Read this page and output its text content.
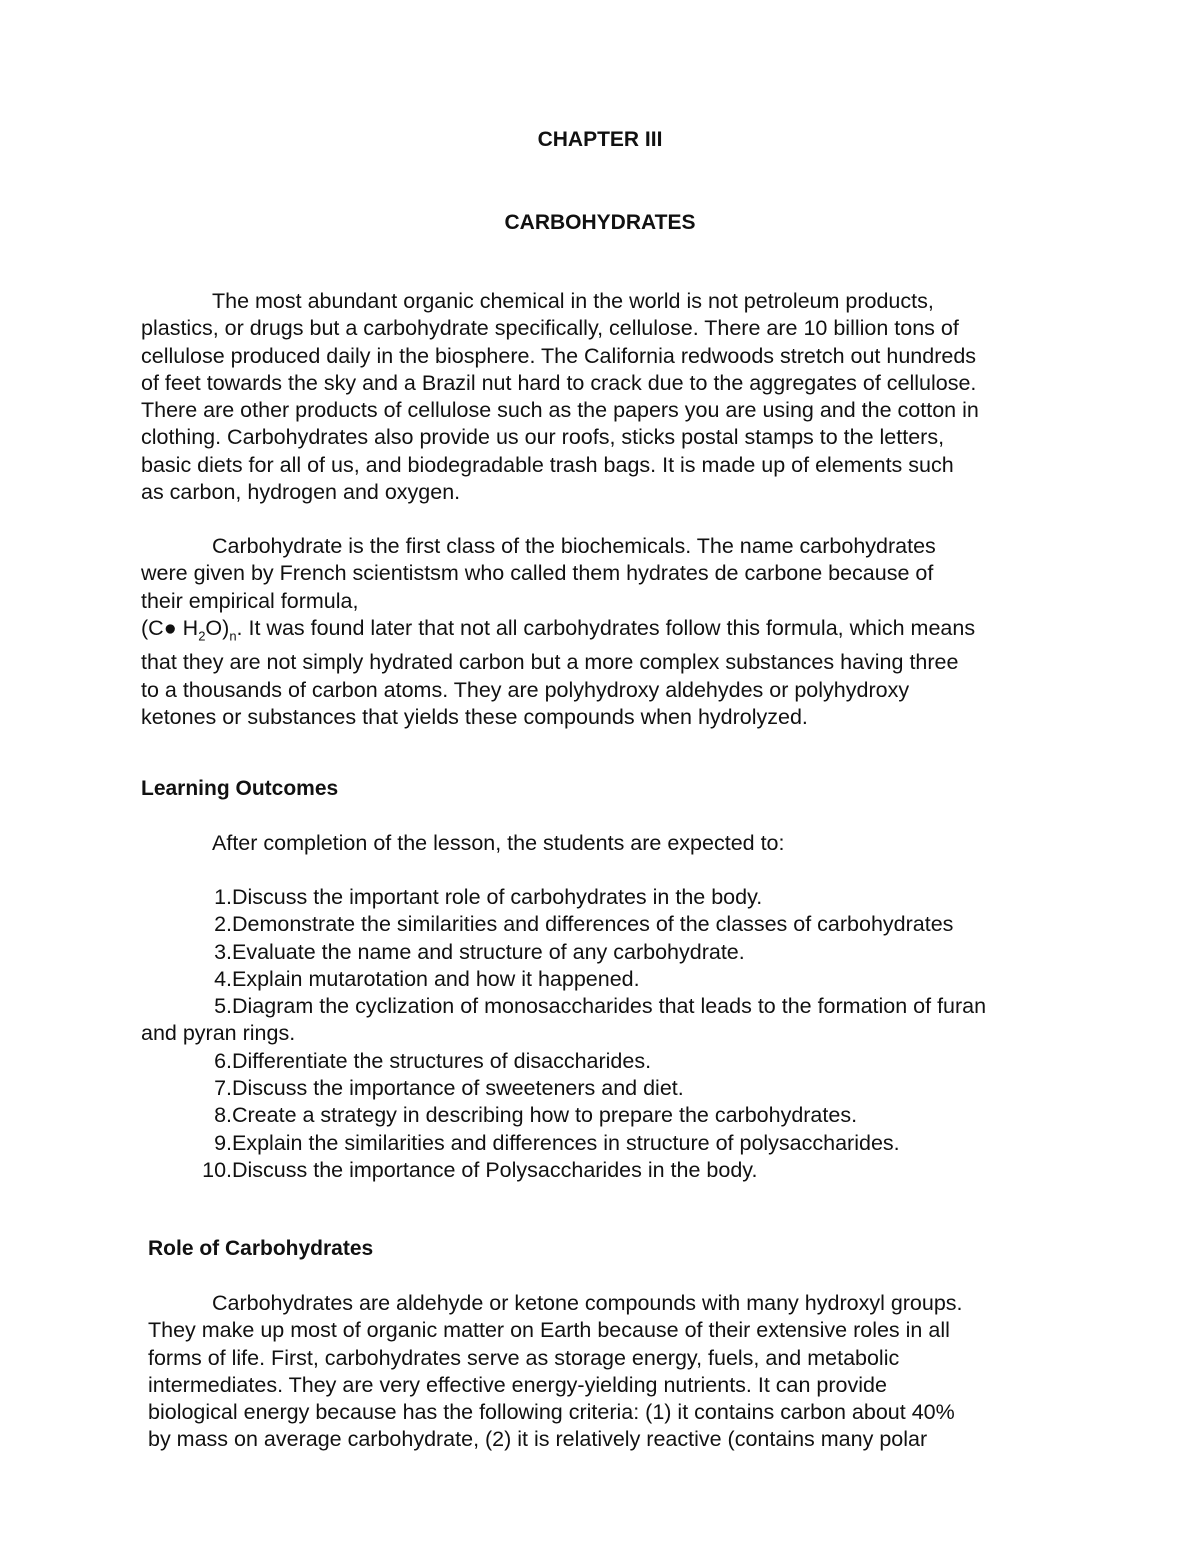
CHAPTER III
CARBOHYDRATES

The most abundant organic chemical in the world is not petroleum products,
plastics, or drugs but a carbohydrate specifically, cellulose. There are 10 billion tons of
cellulose produced daily in the biosphere. The California redwoods stretch out hundreds
of feet towards the sky and a Brazil nut hard to crack due to the aggregates of cellulose.
There are other products of cellulose such as the papers you are using and the cotton in
clothing. Carbohydrates also provide us our roofs, sticks postal stamps to the letters,
basic diets for all of us, and biodegradable trash bags. It is made up of elements such
as carbon, hydrogen and oxygen.

Carbohydrate is the first class of the biochemicals. The name carbohydrates
were given by French scientistsm who called them hydrates de carbone because of
their empirical formula,
(C● $H_2O)_n$. It was found later that not all carbohydrates follow this formula, which means
that they are not simply hydrated carbon but a more complex substances having three
to a thousands of carbon atoms. They are polyhydroxy aldehydes or polyhydroxy
ketones or substances that yields these compounds when hydrolyzed.

Learning Outcomes

After completion of the lesson, the students are expected to:

1.Discuss the important role of carbohydrates in the body.
2.Demonstrate the similarities and differences of the classes of carbohydrates
3.Evaluate the name and structure of any carbohydrate.
4.Explain mutarotation and how it happened.
5.Diagram the cyclization of monosaccharides that leads to the formation of furan
and pyran rings.
6.Differentiate the structures of disaccharides.
7.Discuss the importance of sweeteners and diet.
8.Create a strategy in describing how to prepare the carbohydrates.
9.Explain the similarities and differences in structure of polysaccharides.
10.Discuss the importance of Polysaccharides in the body.
Role of Carbohydrates

Carbohydrates are aldehyde or ketone compounds with many hydroxyl groups.
They make up most of organic matter on Earth because of their extensive roles in all
forms of life. First, carbohydrates serve as storage energy, fuels, and metabolic
intermediates. They are very effective energy-yielding nutrients. It can provide
biological energy because has the following criteria: (1) it contains carbon about 40%
by mass on average carbohydrate, (2) it is relatively reactive (contains many polar
